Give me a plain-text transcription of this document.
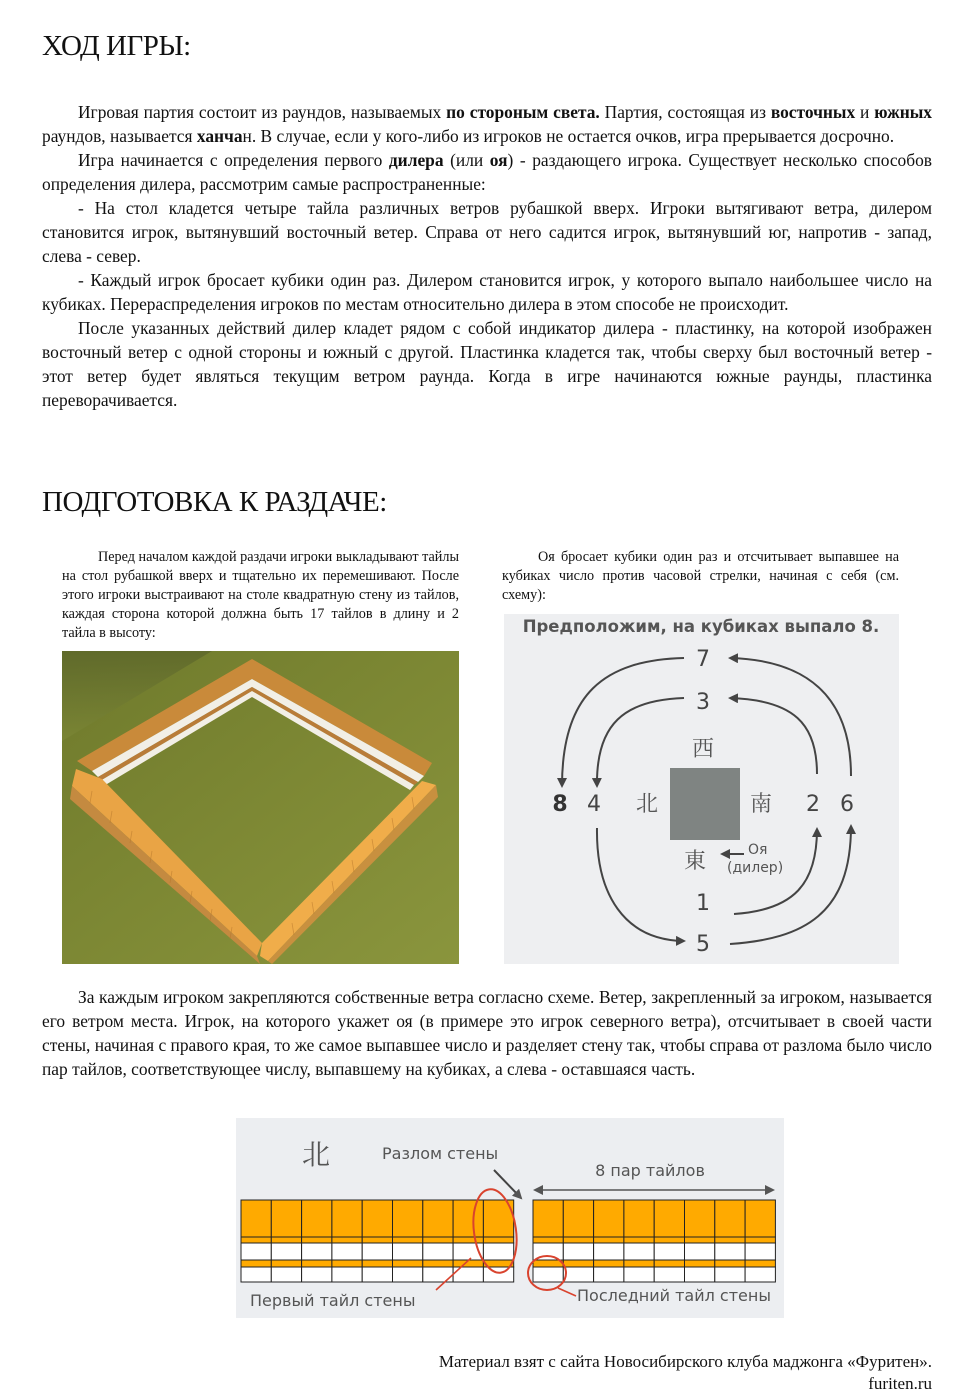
ХОД ИГРЫ:

Игровая партия состоит из раундов, называемых по стороным света. Партия, состоящая из восточных и южных раундов, называется ханчан. В случае, если у кого-либо из игроков не остается очков, игра прерывается досрочно.

Игра начинается с определения первого дилера (или оя) - раздающего игрока. Существует несколько способов определения дилера, рассмотрим самые распространенные:

- На стол кладется четыре тайла различных ветров рубашкой вверх. Игроки вытягивают ветра, дилером становится игрок, вытянувший восточный ветер. Справа от него садится игрок, вытянувший юг, напротив - запад, слева - север.

- Каждый игрок бросает кубики один раз. Дилером становится игрок, у которого выпало наибольшее число на кубиках. Перераспределения игроков по местам относительно дилера в этом способе не происходит.

После указанных действий дилер кладет рядом с собой индикатор дилера - пластинку, на которой изображен восточный ветер с одной стороны и южный с другой. Пластинка кладется так, чтобы сверху был восточный ветер - этот ветер будет являться текущим ветром раунда. Когда в игре начинаются южные раунды, пластинка переворачивается.

ПОДГОТОВКА К РАЗДАЧЕ:

Перед началом каждой раздачи игроки выкладывают тайлы на стол рубашкой вверх и тщательно их перемешивают. После этого игроки выстраивают на столе квадратную стену из тайлов, каждая сторона которой должна быть 17 тайлов в длину и 2 тайла в высоту:

Оя бросает кубики один раз и отсчитывает выпавшее на кубиках число против часовой стрелки, начиная с себя (см. схему):

Предположим, на кубиках выпало 8.
7
3
8 4	2 6
1
5
西
北	南
東	Оя
(дилер)

За каждым игроком закрепляются собственные ветра согласно схеме. Ветер, закрепленный за игроком, называется его ветром места. Игрок, на которого укажет оя (в примере это игрок северного ветра), отсчитывает в своей части стены, начиная с правого края, то же самое выпавшее число и разделяет стену так, чтобы справа от разлома было число пар тайлов, соответствующее числу, выпавшему на кубиках, а слева - оставшаяся часть.

北	Разлом стены
8 пар тайлов
Первый тайл стены	Последний тайл стены
Материал взят с сайта Новосибирского клуба маджонга «Фуритен».
furiten.ru
